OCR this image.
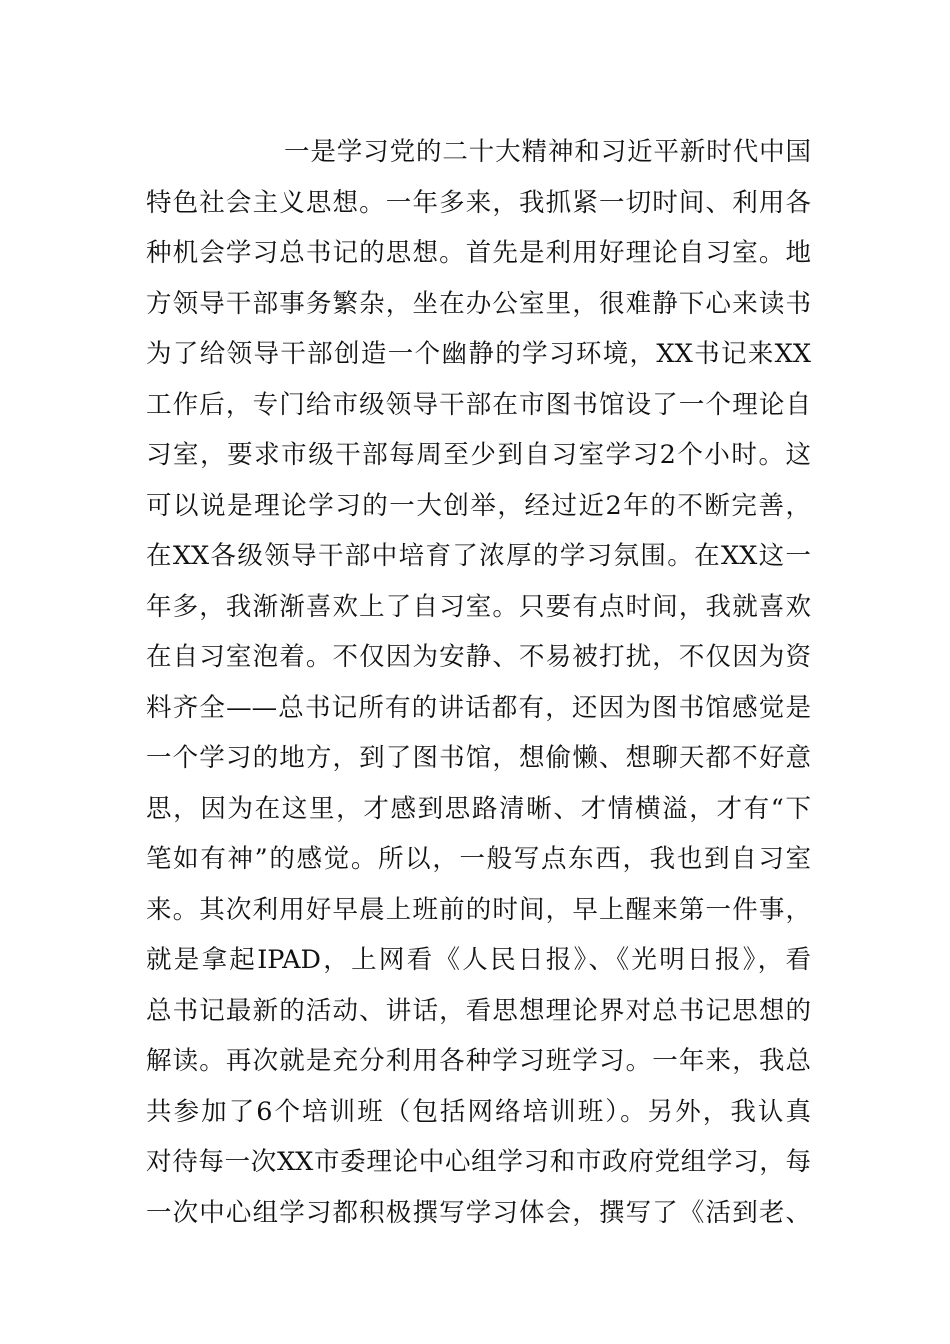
一是学习党的二十大精神和习近平新时代中国
特色社会主义思想。一年多来，我抓紧一切时间、利用各
种机会学习总书记的思想。首先是利用好理论自习室。地
方领导干部事务繁杂，坐在办公室里，很难静下心来读书
为了给领导干部创造一个幽静的学习环境，XX书记来XX
工作后，专门给市级领导干部在市图书馆设了一个理论自
习室，要求市级干部每周至少到自习室学习2个小时。这
可以说是理论学习的一大创举，经过近2年的不断完善，
在XX各级领导干部中培育了浓厚的学习氛围。在XX这一
年多，我渐渐喜欢上了自习室。只要有点时间，我就喜欢
在自习室泡着。不仅因为安静、不易被打扰，不仅因为资
料齐全——总书记所有的讲话都有，还因为图书馆感觉是
一个学习的地方，到了图书馆，想偷懒、想聊天都不好意
思，因为在这里，才感到思路清晰、才情横溢，才有“下
笔如有神”的感觉。所以，一般写点东西，我也到自习室
来。其次利用好早晨上班前的时间，早上醒来第一件事，
就是拿起IPAD，上网看《人民日报》、《光明日报》，看
总书记最新的活动、讲话，看思想理论界对总书记思想的
解读。再次就是充分利用各种学习班学习。一年来，我总
共参加了6个培训班（包括网络培训班）。另外，我认真
对待每一次XX市委理论中心组学习和市政府党组学习，每
一次中心组学习都积极撰写学习体会，撰写了《活到老、
